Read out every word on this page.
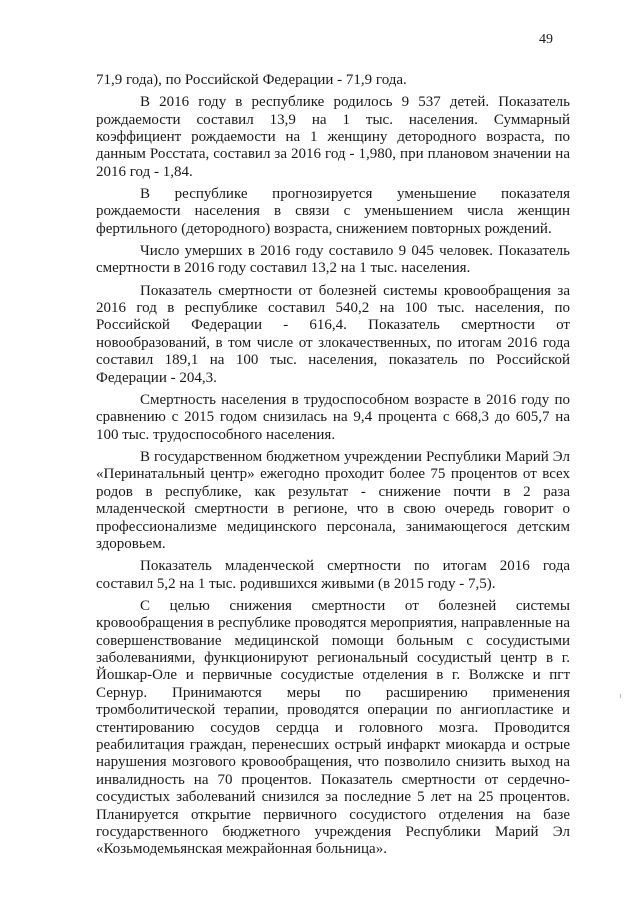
49

71,9 года), по Российской Федерации - 71,9 года.

В 2016 году в республике родилось 9 537 детей. Показатель рождаемости составил 13,9 на 1 тыс. населения. Суммарный коэффициент рождаемости на 1 женщину детородного возраста, по данным Росстата, составил за 2016 год - 1,980, при плановом значении на 2016 год - 1,84.

В республике прогнозируется уменьшение показателя рождаемости населения в связи с уменьшением числа женщин фертильного (детородного) возраста, снижением повторных рождений.

Число умерших в 2016 году составило 9 045 человек. Показатель смертности в 2016 году составил 13,2 на 1 тыс. населения.

Показатель смертности от болезней системы кровообращения за 2016 год в республике составил 540,2 на 100 тыс. населения, по Российской Федерации - 616,4. Показатель смертности от новообразований, в том числе от злокачественных, по итогам 2016 года составил 189,1 на 100 тыс. населения, показатель по Российской Федерации - 204,3.

Смертность населения в трудоспособном возрасте в 2016 году по сравнению с 2015 годом снизилась на 9,4 процента с 668,3 до 605,7 на 100 тыс. трудоспособного населения.

В государственном бюджетном учреждении Республики Марий Эл «Перинатальный центр» ежегодно проходит более 75 процентов от всех родов в республике, как результат - снижение почти в 2 раза младенческой смертности в регионе, что в свою очередь говорит о профессионализме медицинского персонала, занимающегося детским здоровьем.

Показатель младенческой смертности по итогам 2016 года составил 5,2 на 1 тыс. родившихся живыми (в 2015 году - 7,5).

С целью снижения смертности от болезней системы кровообращения в республике проводятся мероприятия, направленные на совершенствование медицинской помощи больным с сосудистыми заболеваниями, функционируют региональный сосудистый центр в г. Йошкар-Оле и первичные сосудистые отделения в г. Волжске и пгт Сернур. Принимаются меры по расширению применения тромболитической терапии, проводятся операции по ангиопластике и стентированию сосудов сердца и головного мозга. Проводится реабилитация граждан, перенесших острый инфаркт миокарда и острые нарушения мозгового кровообращения, что позволило снизить выход на инвалидность на 70 процентов. Показатель смертности от сердечно-сосудистых заболеваний снизился за последние 5 лет на 25 процентов. Планируется открытие первичного сосудистого отделения на базе государственного бюджетного учреждения Республики Марий Эл «Козьмодемьянская межрайонная больница».
